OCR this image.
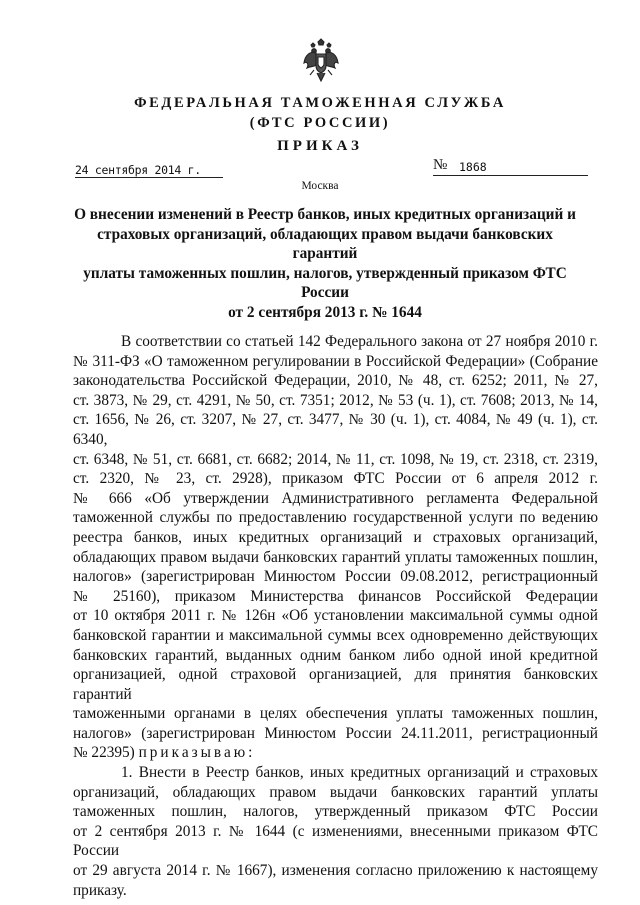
ФЕДЕРАЛЬНАЯ ТАМОЖЕННАЯ СЛУЖБА
(ФТС РОССИИ)
ПРИКАЗ
24 сентября 2014 г.	№ 1868
Москва
О внесении изменений в Реестр банков, иных кредитных организаций и
страховых организаций, обладающих правом выдачи банковских гарантий
уплаты таможенных пошлин, налогов, утвержденный приказом ФТС России
от 2 сентября 2013 г. № 1644

В соответствии со статьей 142 Федерального закона от 27 ноября 2010 г.

№ 311-ФЗ «О таможенном регулировании в Российской Федерации» (Собрание

законодательства Российской Федерации, 2010, № 48, ст. 6252; 2011, № 27,

ст. 3873, № 29, ст. 4291, № 50, ст. 7351; 2012, № 53 (ч. 1), ст. 7608; 2013, № 14,

ст. 1656, № 26, ст. 3207, № 27, ст. 3477, № 30 (ч. 1), ст. 4084, № 49 (ч. 1), ст. 6340,

ст. 6348, № 51, ст. 6681, ст. 6682; 2014, № 11, ст. 1098, № 19, ст. 2318, ст. 2319,

ст. 2320, № 23, ст. 2928), приказом ФТС России от 6 апреля 2012 г.

№ 666 «Об утверждении Административного регламента Федеральной

таможенной службы по предоставлению государственной услуги по ведению

реестра банков, иных кредитных организаций и страховых организаций,

обладающих правом выдачи банковских гарантий уплаты таможенных пошлин,

налогов» (зарегистрирован Минюстом России 09.08.2012, регистрационный

№ 25160), приказом Министерства финансов Российской Федерации

от 10 октября 2011 г. № 126н «Об установлении максимальной суммы одной

банковской гарантии и максимальной суммы всех одновременно действующих

банковских гарантий, выданных одним банком либо одной иной кредитной

организацией, одной страховой организацией, для принятия банковских гарантий

таможенными органами в целях обеспечения уплаты таможенных пошлин,

налогов» (зарегистрирован Минюстом России 24.11.2011, регистрационный

№ 22395) приказываю:

1. Внести в Реестр банков, иных кредитных организаций и страховых

организаций, обладающих правом выдачи банковских гарантий уплаты

таможенных пошлин, налогов, утвержденный приказом ФТС России

от 2 сентября 2013 г. № 1644 (с изменениями, внесенными приказом ФТС России

от 29 августа 2014 г. № 1667), изменения согласно приложению к настоящему

приказу.
